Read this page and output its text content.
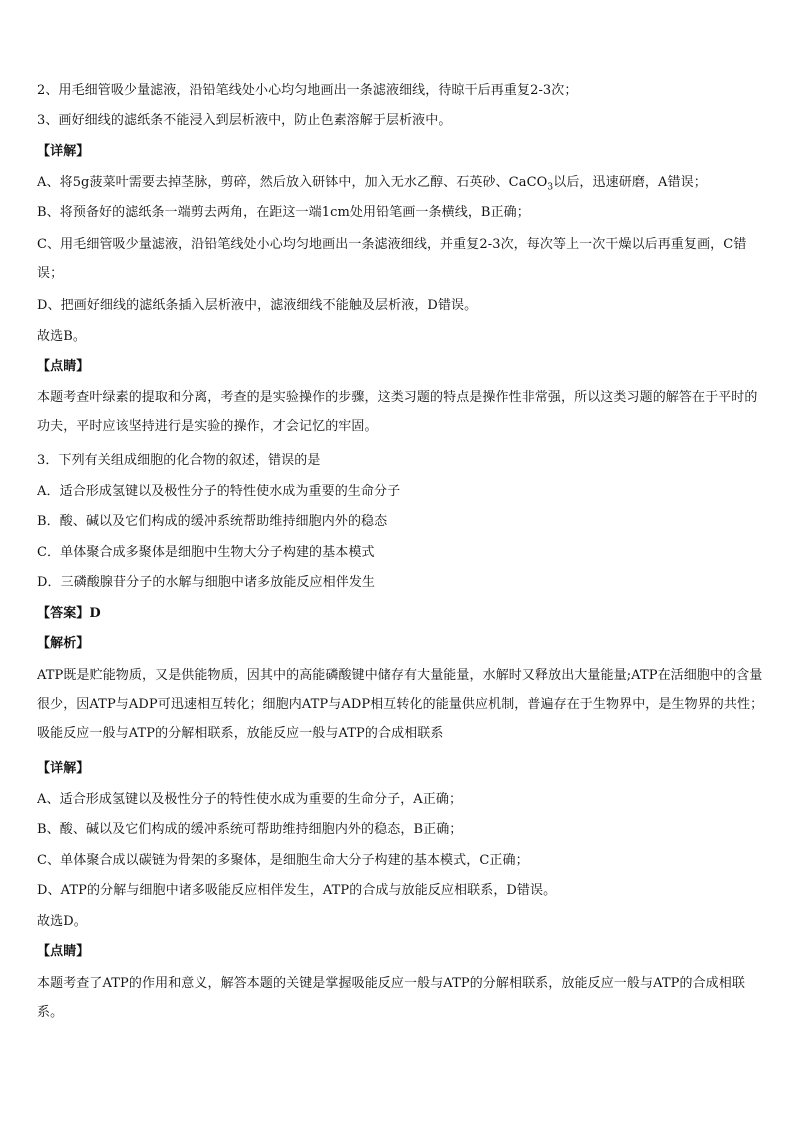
2、用毛细管吸少量滤液，沿铅笔线处小心均匀地画出一条滤液细线，待晾干后再重复2-3次；
3、画好细线的滤纸条不能浸入到层析液中，防止色素溶解于层析液中。
【详解】
A、将5g菠菜叶需要去掉茎脉，剪碎，然后放入研钵中，加入无水乙醇、石英砂、CaCO$_3$以后，迅速研磨，A错误；
B、将预备好的滤纸条一端剪去两角，在距这一端1cm处用铅笔画一条横线，B正确；
C、用毛细管吸少量滤液，沿铅笔线处小心均匀地画出一条滤液细线，并重复2-3次，每次等上一次干燥以后再重复画，C错误；
D、把画好细线的滤纸条插入层析液中，滤液细线不能触及层析液，D错误。
故选B。
【点睛】
本题考查叶绿素的提取和分离，考查的是实验操作的步骤，这类习题的特点是操作性非常强，所以这类习题的解答在于平时的功夫，平时应该坚持进行是实验的操作，才会记忆的牢固。
3．下列有关组成细胞的化合物的叙述，错误的是
A．适合形成氢键以及极性分子的特性使水成为重要的生命分子
B．酸、碱以及它们构成的缓冲系统帮助维持细胞内外的稳态
C．单体聚合成多聚体是细胞中生物大分子构建的基本模式
D．三磷酸腺苷分子的水解与细胞中诸多放能反应相伴发生
【答案】D
【解析】
ATP既是贮能物质，又是供能物质，因其中的高能磷酸键中储存有大量能量，水解时又释放出大量能量;ATP在活细胞中的含量很少，因ATP与ADP可迅速相互转化；细胞内ATP与ADP相互转化的能量供应机制，普遍存在于生物界中，是生物界的共性；吸能反应一般与ATP的分解相联系，放能反应一般与ATP的合成相联系
【详解】
A、适合形成氢键以及极性分子的特性使水成为重要的生命分子，A正确；
B、酸、碱以及它们构成的缓冲系统可帮助维持细胞内外的稳态，B正确；
C、单体聚合成以碳链为骨架的多聚体，是细胞生命大分子构建的基本模式，C正确；
D、ATP的分解与细胞中诸多吸能反应相伴发生，ATP的合成与放能反应相联系，D错误。
故选D。
【点睛】
本题考查了ATP的作用和意义，解答本题的关键是掌握吸能反应一般与ATP的分解相联系，放能反应一般与ATP的合成相联系。
